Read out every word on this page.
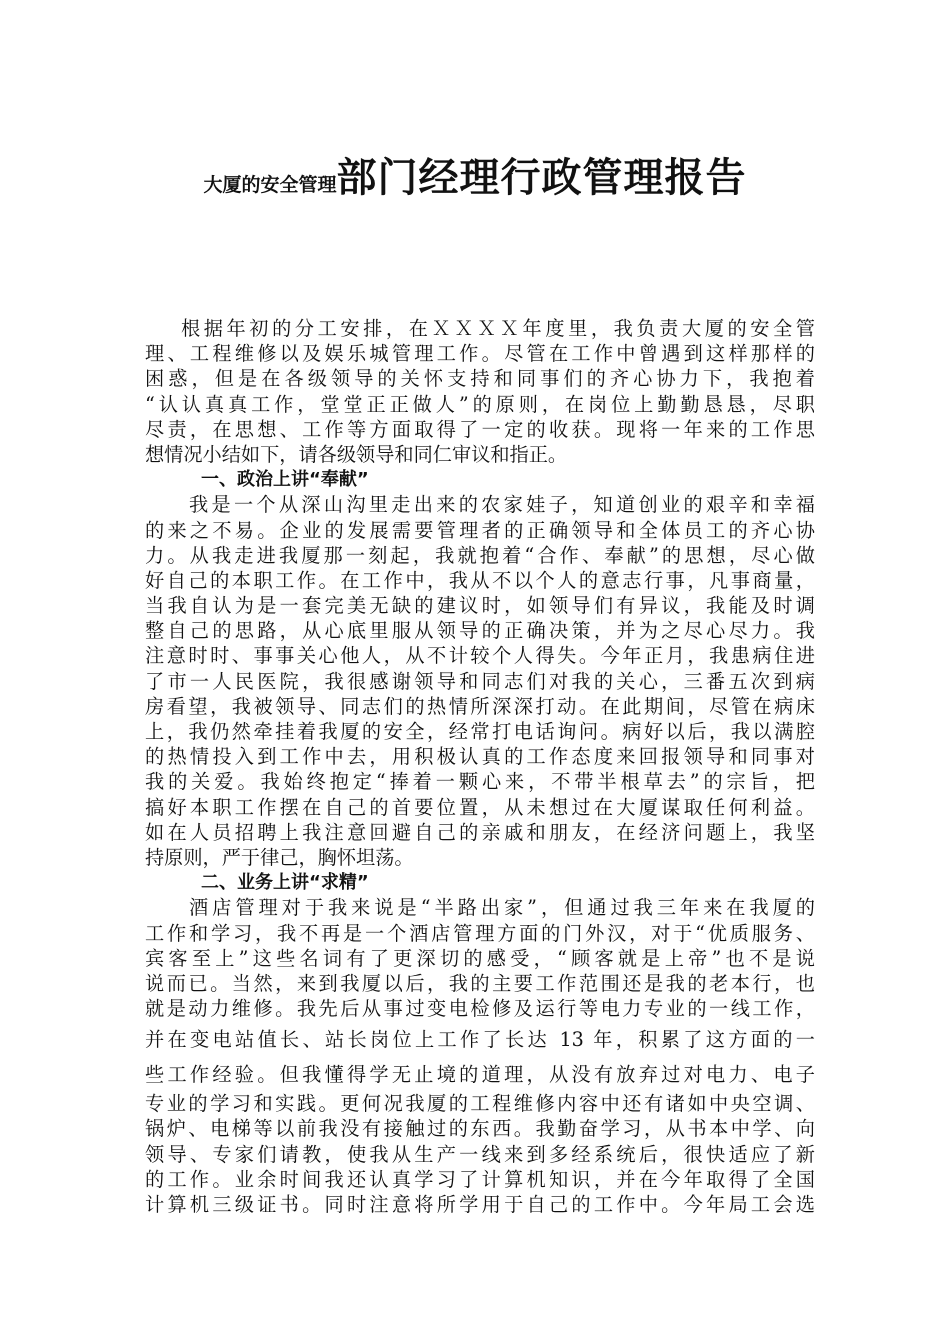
大厦的安全管理部门经理行政管理报告
根据年初的分工安排，在ＸＸＸＸ年度里，我负责大厦的安全管
理、工程维修以及娱乐城管理工作。尽管在工作中曾遇到这样那样的
困惑，但是在各级领导的关怀支持和同事们的齐心协力下，我抱着
“认认真真工作，堂堂正正做人”的原则，在岗位上勤勤恳恳，尽职
尽责，在思想、工作等方面取得了一定的收获。现将一年来的工作思
想情况小结如下，请各级领导和同仁审议和指正。
一、政治上讲“奉献”
我是一个从深山沟里走出来的农家娃子，知道创业的艰辛和幸福
的来之不易。企业的发展需要管理者的正确领导和全体员工的齐心协
力。从我走进我厦那一刻起，我就抱着“合作、奉献”的思想，尽心做
好自己的本职工作。在工作中，我从不以个人的意志行事，凡事商量，
当我自认为是一套完美无缺的建议时，如领导们有异议，我能及时调
整自己的思路，从心底里服从领导的正确决策，并为之尽心尽力。我
注意时时、事事关心他人，从不计较个人得失。今年正月，我患病住进
了市一人民医院，我很感谢领导和同志们对我的关心，三番五次到病
房看望，我被领导、同志们的热情所深深打动。在此期间，尽管在病床
上，我仍然牵挂着我厦的安全，经常打电话询问。病好以后，我以满腔
的热情投入到工作中去，用积极认真的工作态度来回报领导和同事对
我的关爱。我始终抱定“捧着一颗心来，不带半根草去”的宗旨，把
搞好本职工作摆在自己的首要位置，从未想过在大厦谋取任何利益。
如在人员招聘上我注意回避自己的亲戚和朋友，在经济问题上，我坚
持原则，严于律己，胸怀坦荡。
二、业务上讲“求精”
酒店管理对于我来说是“半路出家”，但通过我三年来在我厦的
工作和学习，我不再是一个酒店管理方面的门外汉，对于“优质服务、
宾客至上”这些名词有了更深切的感受，“顾客就是上帝”也不是说
说而已。当然，来到我厦以后，我的主要工作范围还是我的老本行，也
就是动力维修。我先后从事过变电检修及运行等电力专业的一线工作，
并在变电站值长、站长岗位上工作了长达 13 年，积累了这方面的一
些工作经验。但我懂得学无止境的道理，从没有放弃过对电力、电子
专业的学习和实践。更何况我厦的工程维修内容中还有诸如中央空调、
锅炉、电梯等以前我没有接触过的东西。我勤奋学习，从书本中学、向
领导、专家们请教，使我从生产一线来到多经系统后，很快适应了新
的工作。业余时间我还认真学习了计算机知识，并在今年取得了全国
计算机三级证书。同时注意将所学用于自己的工作中。今年局工会选
